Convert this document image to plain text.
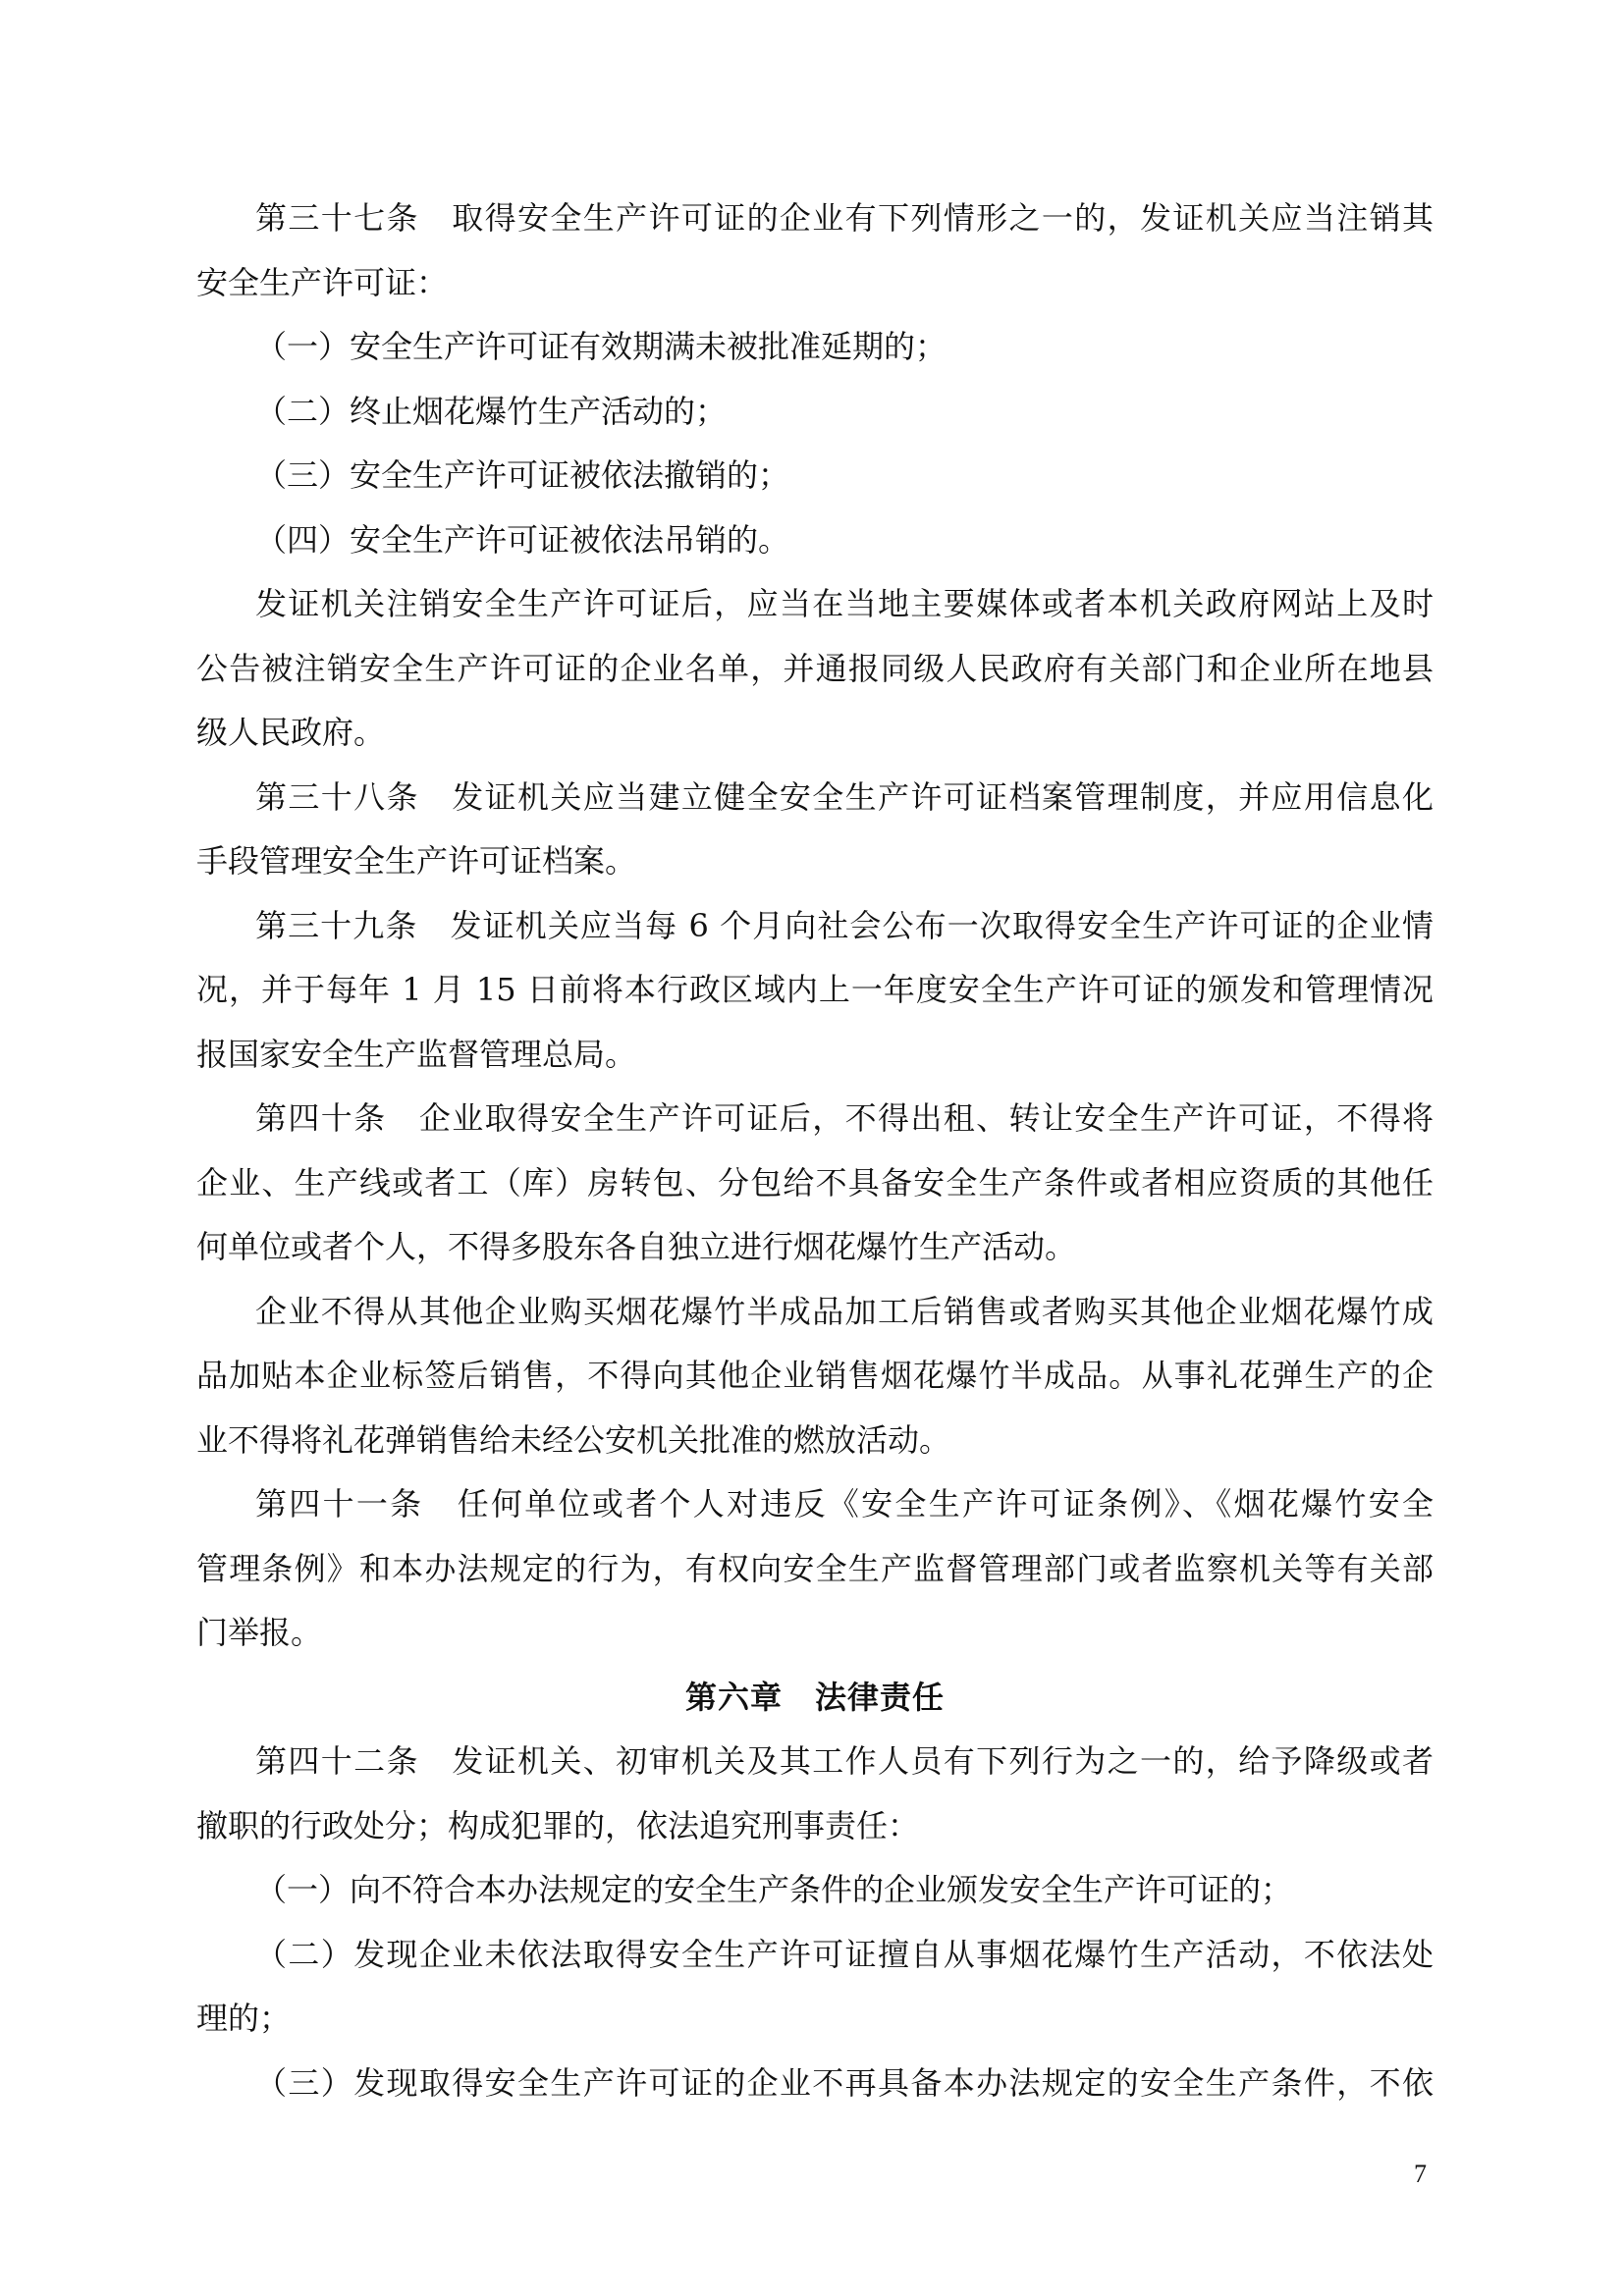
第三十七条　取得安全生产许可证的企业有下列情形之一的，发证机关应当注销其
安全生产许可证：
（一）安全生产许可证有效期满未被批准延期的；
（二）终止烟花爆竹生产活动的；
（三）安全生产许可证被依法撤销的；
（四）安全生产许可证被依法吊销的。
发证机关注销安全生产许可证后，应当在当地主要媒体或者本机关政府网站上及时
公告被注销安全生产许可证的企业名单，并通报同级人民政府有关部门和企业所在地县
级人民政府。
第三十八条　发证机关应当建立健全安全生产许可证档案管理制度，并应用信息化
手段管理安全生产许可证档案。
第三十九条　发证机关应当每 6 个月向社会公布一次取得安全生产许可证的企业情
况，并于每年 1 月 15 日前将本行政区域内上一年度安全生产许可证的颁发和管理情况
报国家安全生产监督管理总局。
第四十条　企业取得安全生产许可证后，不得出租、转让安全生产许可证，不得将
企业、生产线或者工（库）房转包、分包给不具备安全生产条件或者相应资质的其他任
何单位或者个人，不得多股东各自独立进行烟花爆竹生产活动。
企业不得从其他企业购买烟花爆竹半成品加工后销售或者购买其他企业烟花爆竹成
品加贴本企业标签后销售，不得向其他企业销售烟花爆竹半成品。从事礼花弹生产的企
业不得将礼花弹销售给未经公安机关批准的燃放活动。
第四十一条　任何单位或者个人对违反《安全生产许可证条例》、《烟花爆竹安全
管理条例》和本办法规定的行为，有权向安全生产监督管理部门或者监察机关等有关部
门举报。
第六章　法律责任
第四十二条　发证机关、初审机关及其工作人员有下列行为之一的，给予降级或者
撤职的行政处分；构成犯罪的，依法追究刑事责任：
（一）向不符合本办法规定的安全生产条件的企业颁发安全生产许可证的；
（二）发现企业未依法取得安全生产许可证擅自从事烟花爆竹生产活动，不依法处
理的；
（三）发现取得安全生产许可证的企业不再具备本办法规定的安全生产条件，不依
7
